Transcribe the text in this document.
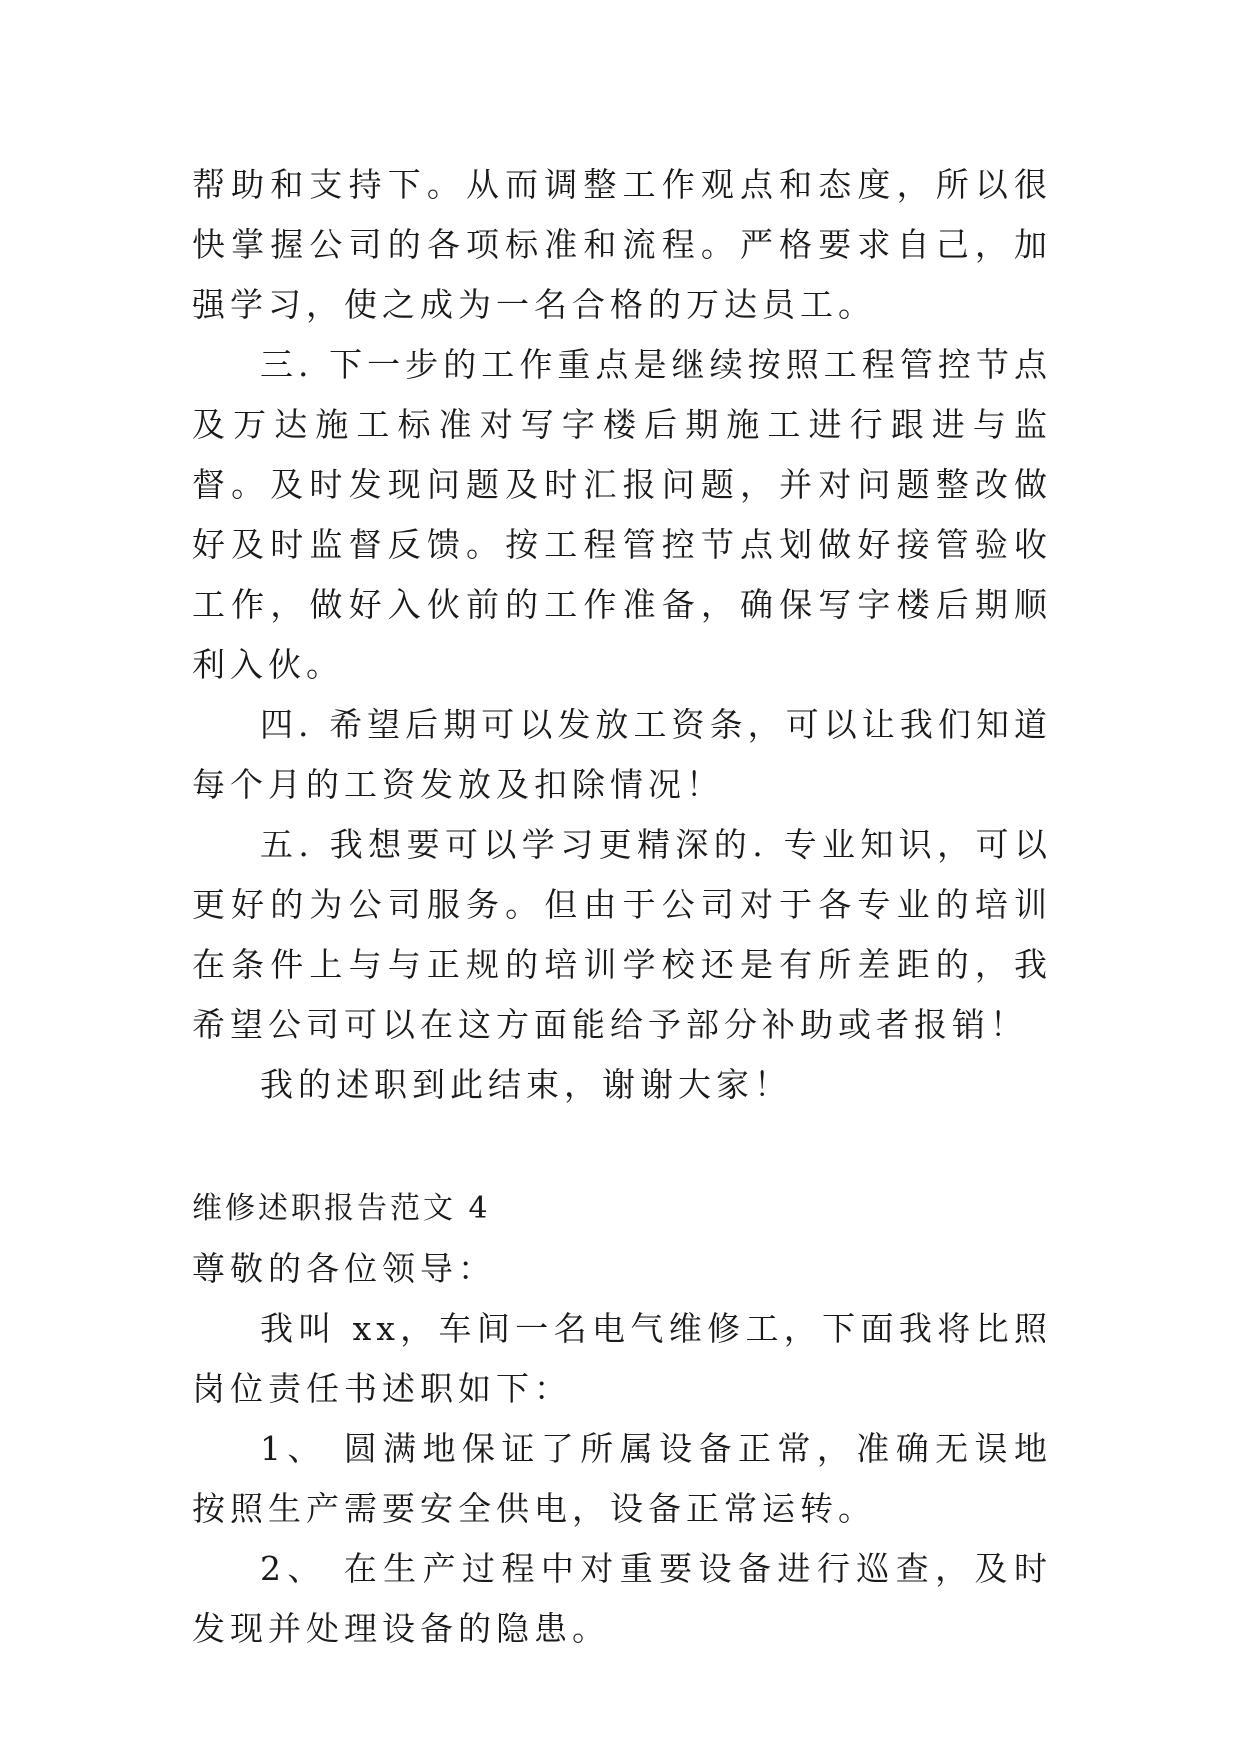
帮助和支持下。从而调整工作观点和态度，所以很快掌握公司的各项标准和流程。严格要求自己，加强学习，使之成为一名合格的万达员工。

三. 下一步的工作重点是继续按照工程管控节点及万达施工标准对写字楼后期施工进行跟进与监督。及时发现问题及时汇报问题，并对问题整改做好及时监督反馈。按工程管控节点划做好接管验收工作，做好入伙前的工作准备，确保写字楼后期顺利入伙。

四. 希望后期可以发放工资条，可以让我们知道每个月的工资发放及扣除情况！

五. 我想要可以学习更精深的. 专业知识，可以更好的为公司服务。但由于公司对于各专业的培训在条件上与与正规的培训学校还是有所差距的，我希望公司可以在这方面能给予部分补助或者报销！

我的述职到此结束，谢谢大家！

维修述职报告范文 4

尊敬的各位领导：

我叫 xx，车间一名电气维修工，下面我将比照岗位责任书述职如下：

1、 圆满地保证了所属设备正常，准确无误地按照生产需要安全供电，设备正常运转。

2、 在生产过程中对重要设备进行巡查，及时发现并处理设备的隐患。
